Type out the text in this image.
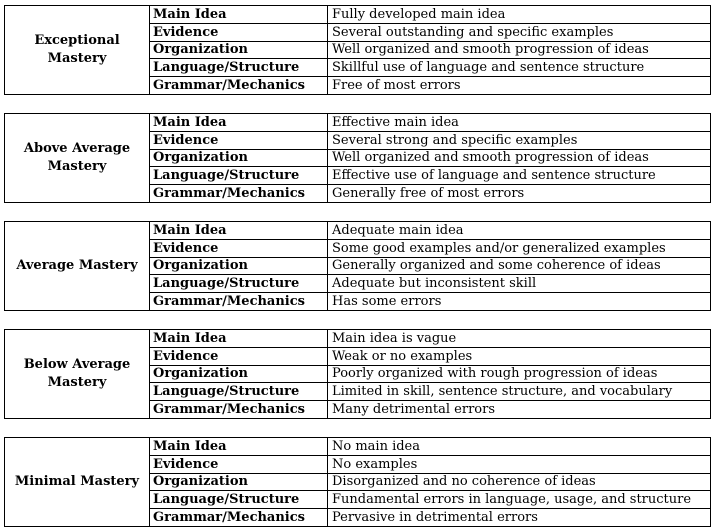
Exceptional Mastery
Main Idea	Fully developed main idea
Evidence	Several outstanding and specific examples
Organization	Well organized and smooth progression of ideas
Language/Structure	Skillful use of language and sentence structure
Grammar/Mechanics	Free of most errors
Above Average Mastery
Main Idea	Effective main idea
Evidence	Several strong and specific examples
Organization	Well organized and smooth progression of ideas
Language/Structure	Effective use of language and sentence structure
Grammar/Mechanics	Generally free of most errors
Average Mastery
Main Idea	Adequate main idea
Evidence	Some good examples and/or generalized examples
Organization	Generally organized and some coherence of ideas
Language/Structure	Adequate but inconsistent skill
Grammar/Mechanics	Has some errors
Below Average Mastery
Main Idea	Main idea is vague
Evidence	Weak or no examples
Organization	Poorly organized with rough progression of ideas
Language/Structure	Limited in skill, sentence structure, and vocabulary
Grammar/Mechanics	Many detrimental errors
Minimal Mastery
Main Idea	No main idea
Evidence	No examples
Organization	Disorganized and no coherence of ideas
Language/Structure	Fundamental errors in language, usage, and structure
Grammar/Mechanics	Pervasive in detrimental errors
